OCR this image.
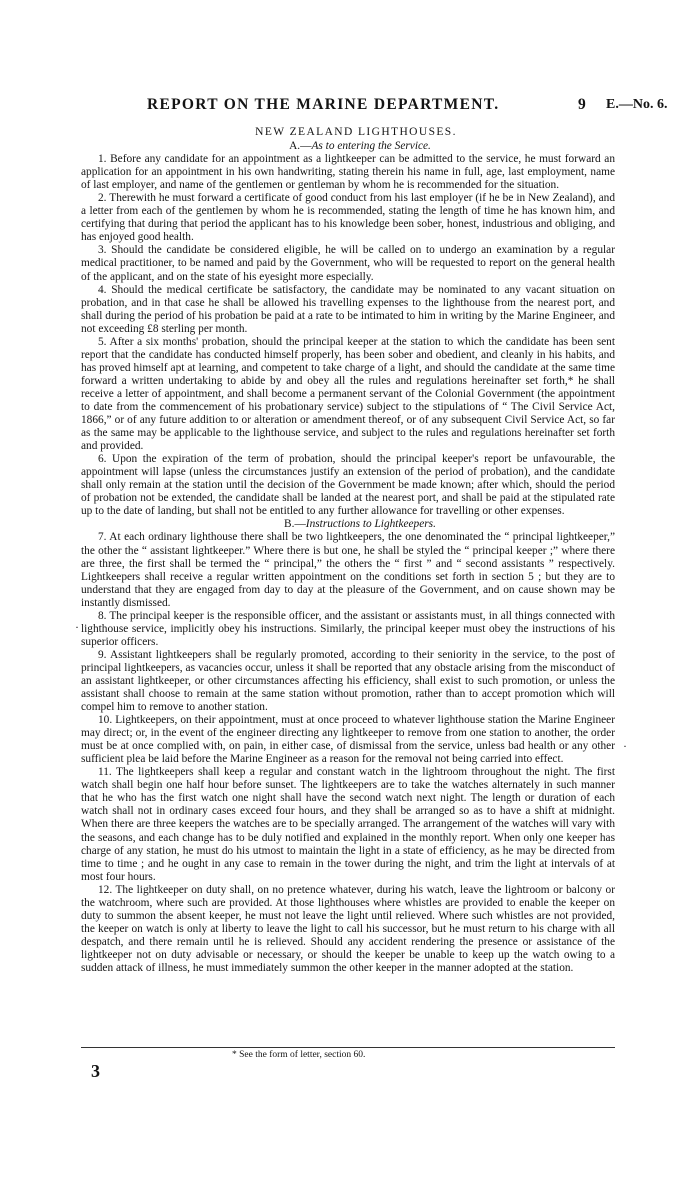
REPORT ON THE MARINE DEPARTMENT.	9 E.—No. 6.
NEW ZEALAND LIGHTHOUSES.
A.—As to entering the Service.

1. Before any candidate for an appointment as a lightkeeper can be admitted to the service, he must forward an application for an appointment in his own handwriting, stating therein his name in full, age, last employment, name of last employer, and name of the gentlemen or gentleman by whom he is recommended for the situation.

2. Therewith he must forward a certificate of good conduct from his last employer (if he be in New Zealand), and a letter from each of the gentlemen by whom he is recommended, stating the length of time he has known him, and certifying that during that period the applicant has to his knowledge been sober, honest, industrious and obliging, and has enjoyed good health.

3. Should the candidate be considered eligible, he will be called on to undergo an examination by a regular medical practitioner, to be named and paid by the Government, who will be requested to report on the general health of the applicant, and on the state of his eyesight more especially.

4. Should the medical certificate be satisfactory, the candidate may be nominated to any vacant situation on probation, and in that case he shall be allowed his travelling expenses to the lighthouse from the nearest port, and shall during the period of his probation be paid at a rate to be intimated to him in writing by the Marine Engineer, and not exceeding £8 sterling per month.

5. After a six months' probation, should the principal keeper at the station to which the candidate has been sent report that the candidate has conducted himself properly, has been sober and obedient, and cleanly in his habits, and has proved himself apt at learning, and competent to take charge of a light, and should the candidate at the same time forward a written undertaking to abide by and obey all the rules and regulations hereinafter set forth,* he shall receive a letter of appointment, and shall become a permanent servant of the Colonial Government (the appointment to date from the commencement of his probationary service) subject to the stipulations of “ The Civil Service Act, 1866,” or of any future addition to or alteration or amendment thereof, or of any subsequent Civil Service Act, so far as the same may be applicable to the lighthouse service, and subject to the rules and regulations hereinafter set forth and provided.

6. Upon the expiration of the term of probation, should the principal keeper's report be unfavourable, the appointment will lapse (unless the circumstances justify an extension of the period of probation), and the candidate shall only remain at the station until the decision of the Government be made known; after which, should the period of probation not be extended, the candidate shall be landed at the nearest port, and shall be paid at the stipulated rate up to the date of landing, but shall not be entitled to any further allowance for travelling or other expenses.

B.—Instructions to Lightkeepers.

7. At each ordinary lighthouse there shall be two lightkeepers, the one denominated the “ principal lightkeeper,” the other the “ assistant lightkeeper.” Where there is but one, he shall be styled the “ principal keeper ;” where there are three, the first shall be termed the “ principal,” the others the “ first ” and “ second assistants ” respectively. Lightkeepers shall receive a regular written appointment on the conditions set forth in section 5 ; but they are to understand that they are engaged from day to day at the pleasure of the Government, and on cause shown may be instantly dismissed.

8. The principal keeper is the responsible officer, and the assistant or assistants must, in all things connected with lighthouse service, implicitly obey his instructions. Similarly, the principal keeper must obey the instructions of his superior officers.

9. Assistant lightkeepers shall be regularly promoted, according to their seniority in the service, to the post of principal lightkeepers, as vacancies occur, unless it shall be reported that any obstacle arising from the misconduct of an assistant lightkeeper, or other circumstances affecting his efficiency, shall exist to such promotion, or unless the assistant shall choose to remain at the same station without promotion, rather than to accept promotion which will compel him to remove to another station.

10. Lightkeepers, on their appointment, must at once proceed to whatever lighthouse station the Marine Engineer may direct; or, in the event of the engineer directing any lightkeeper to remove from one station to another, the order must be at once complied with, on pain, in either case, of dismissal from the service, unless bad health or any other sufficient plea be laid before the Marine Engineer as a reason for the removal not being carried into effect.

11. The lightkeepers shall keep a regular and constant watch in the lightroom throughout the night. The first watch shall begin one half hour before sunset. The lightkeepers are to take the watches alternately in such manner that he who has the first watch one night shall have the second watch next night. The length or duration of each watch shall not in ordinary cases exceed four hours, and they shall be arranged so as to have a shift at midnight. When there are three keepers the watches are to be specially arranged. The arrangement of the watches will vary with the seasons, and each change has to be duly notified and explained in the monthly report. When only one keeper has charge of any station, he must do his utmost to maintain the light in a state of efficiency, as he may be directed from time to time ; and he ought in any case to remain in the tower during the night, and trim the light at intervals of at most four hours.

12. The lightkeeper on duty shall, on no pretence whatever, during his watch, leave the lightroom or balcony or the watchroom, where such are provided. At those lighthouses where whistles are provided to enable the keeper on duty to summon the absent keeper, he must not leave the light until relieved. Where such whistles are not provided, the keeper on watch is only at liberty to leave the light to call his successor, but he must return to his charge with all despatch, and there remain until he is relieved. Should any accident rendering the presence or assistance of the lightkeeper not on duty advisable or necessary, or should the keeper be unable to keep up the watch owing to a sudden attack of illness, he must immediately summon the other keeper in the manner adopted at the station.

·
·
* See the form of letter, section 60.
3
